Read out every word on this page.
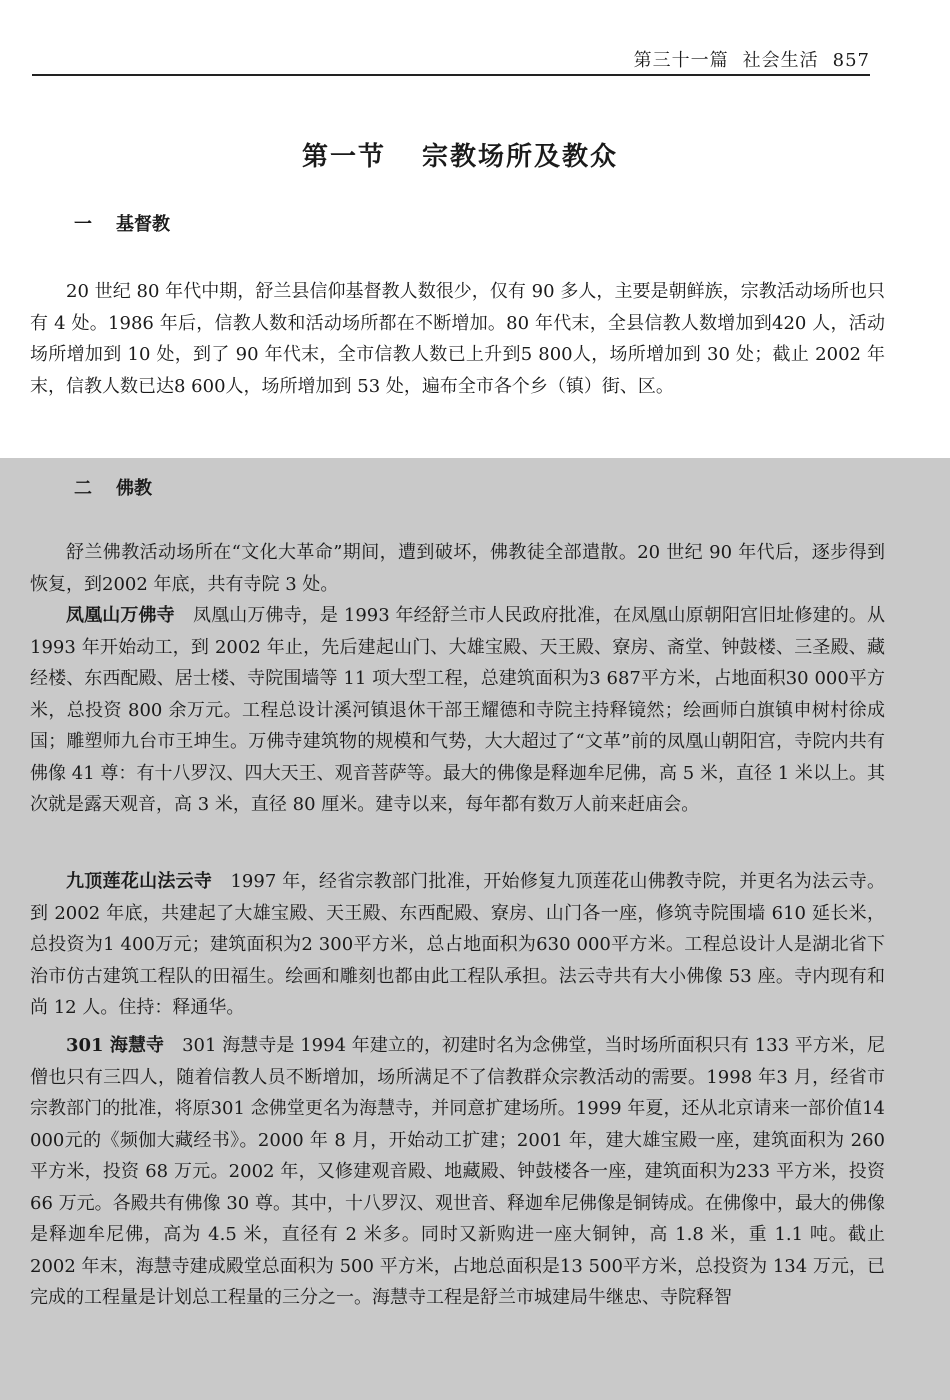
第三十一篇 社会生活 857
第一节 宗教场所及教众
一 基督教

20 世纪 80 年代中期，舒兰县信仰基督教人数很少，仅有 90 多人，主要是朝鲜族，宗教活动场所也只有 4 处。1986 年后，信教人数和活动场所都在不断增加。80 年代末，全县信教人数增加到420 人，活动场所增加到 10 处，到了 90 年代末，全市信教人数已上升到5 800人，场所增加到 30 处；截止 2002 年末，信教人数已达8 600人，场所增加到 53 处，遍布全市各个乡（镇）街、区。

二 佛教

舒兰佛教活动场所在“文化大革命”期间，遭到破坏，佛教徒全部遣散。20 世纪 90 年代后，逐步得到恢复，到2002 年底，共有寺院 3 处。

凤凰山万佛寺　 凤凰山万佛寺，是 1993 年经舒兰市人民政府批准，在凤凰山原朝阳宫旧址修建的。从 1993 年开始动工，到 2002 年止，先后建起山门、大雄宝殿、天王殿、寮房、斋堂、钟鼓楼、三圣殿、藏经楼、东西配殿、居士楼、寺院围墙等 11 项大型工程，总建筑面积为3 687平方米，占地面积30 000平方米，总投资 800 余万元。工程总设计溪河镇退休干部王耀德和寺院主持释镜然；绘画师白旗镇申树村徐成国；雕塑师九台市王坤生。万佛寺建筑物的规模和气势，大大超过了“文革”前的凤凰山朝阳宫，寺院内共有佛像 41 尊：有十八罗汉、四大天王、观音菩萨等。最大的佛像是释迦牟尼佛，高 5 米，直径 1 米以上。其次就是露天观音，高 3 米，直径 80 厘米。建寺以来，每年都有数万人前来赶庙会。

九顶莲花山法云寺　 1997 年，经省宗教部门批准，开始修复九顶莲花山佛教寺院，并更名为法云寺。到 2002 年底，共建起了大雄宝殿、天王殿、东西配殿、寮房、山门各一座，修筑寺院围墙 610 延长米，总投资为1 400万元；建筑面积为2 300平方米，总占地面积为630 000平方米。工程总设计人是湖北省下治市仿古建筑工程队的田福生。绘画和雕刻也都由此工程队承担。法云寺共有大小佛像 53 座。寺内现有和尚 12 人。住持：释通华。

301 海慧寺　 301 海慧寺是 1994 年建立的，初建时名为念佛堂，当时场所面积只有 133 平方米，尼僧也只有三四人，随着信教人员不断增加，场所满足不了信教群众宗教活动的需要。1998 年3 月，经省市宗教部门的批准，将原301 念佛堂更名为海慧寺，并同意扩建场所。1999 年夏，还从北京请来一部价值14 000元的《频伽大藏经书》。2000 年 8 月，开始动工扩建；2001 年，建大雄宝殿一座，建筑面积为 260 平方米，投资 68 万元。2002 年，又修建观音殿、地藏殿、钟鼓楼各一座，建筑面积为233 平方米，投资 66 万元。各殿共有佛像 30 尊。其中，十八罗汉、观世音、释迦牟尼佛像是铜铸成。在佛像中，最大的佛像是释迦牟尼佛，高为 4.5 米，直径有 2 米多。同时又新购进一座大铜钟，高 1.8 米，重 1.1 吨。截止 2002 年末，海慧寺建成殿堂总面积为 500 平方米，占地总面积是13 500平方米，总投资为 134 万元，已完成的工程量是计划总工程量的三分之一。海慧寺工程是舒兰市城建局牛继忠、寺院释智
